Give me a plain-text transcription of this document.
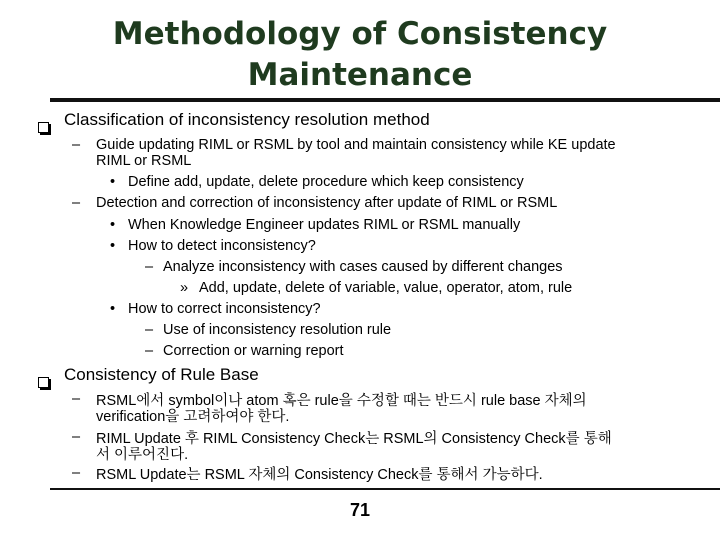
Methodology of Consistency
Maintenance
Classification of inconsistency resolution method
– Guide updating RIML or RSML by tool and maintain consistency while KE update
RIML or RSML
• Define add, update, delete procedure which keep consistency
– Detection and correction of inconsistency after update of RIML or RSML
• When Knowledge Engineer updates RIML or RSML manually
• How to detect inconsistency?
– Analyze inconsistency with cases caused by different changes
» Add, update, delete of variable, value, operator, atom, rule
• How to correct inconsistency?
– Use of inconsistency resolution rule
– Correction or warning report
Consistency of Rule Base
– RSML에서 symbol이나 atom 혹은 rule을 수정할 때는 반드시 rule base 자체의
verification을 고려하여야 한다.
– RIML Update 후 RIML Consistency Check는 RSML의 Consistency Check를 통해
서 이루어진다.
– RSML Update는 RSML 자체의 Consistency Check를 통해서 가능하다.
71
